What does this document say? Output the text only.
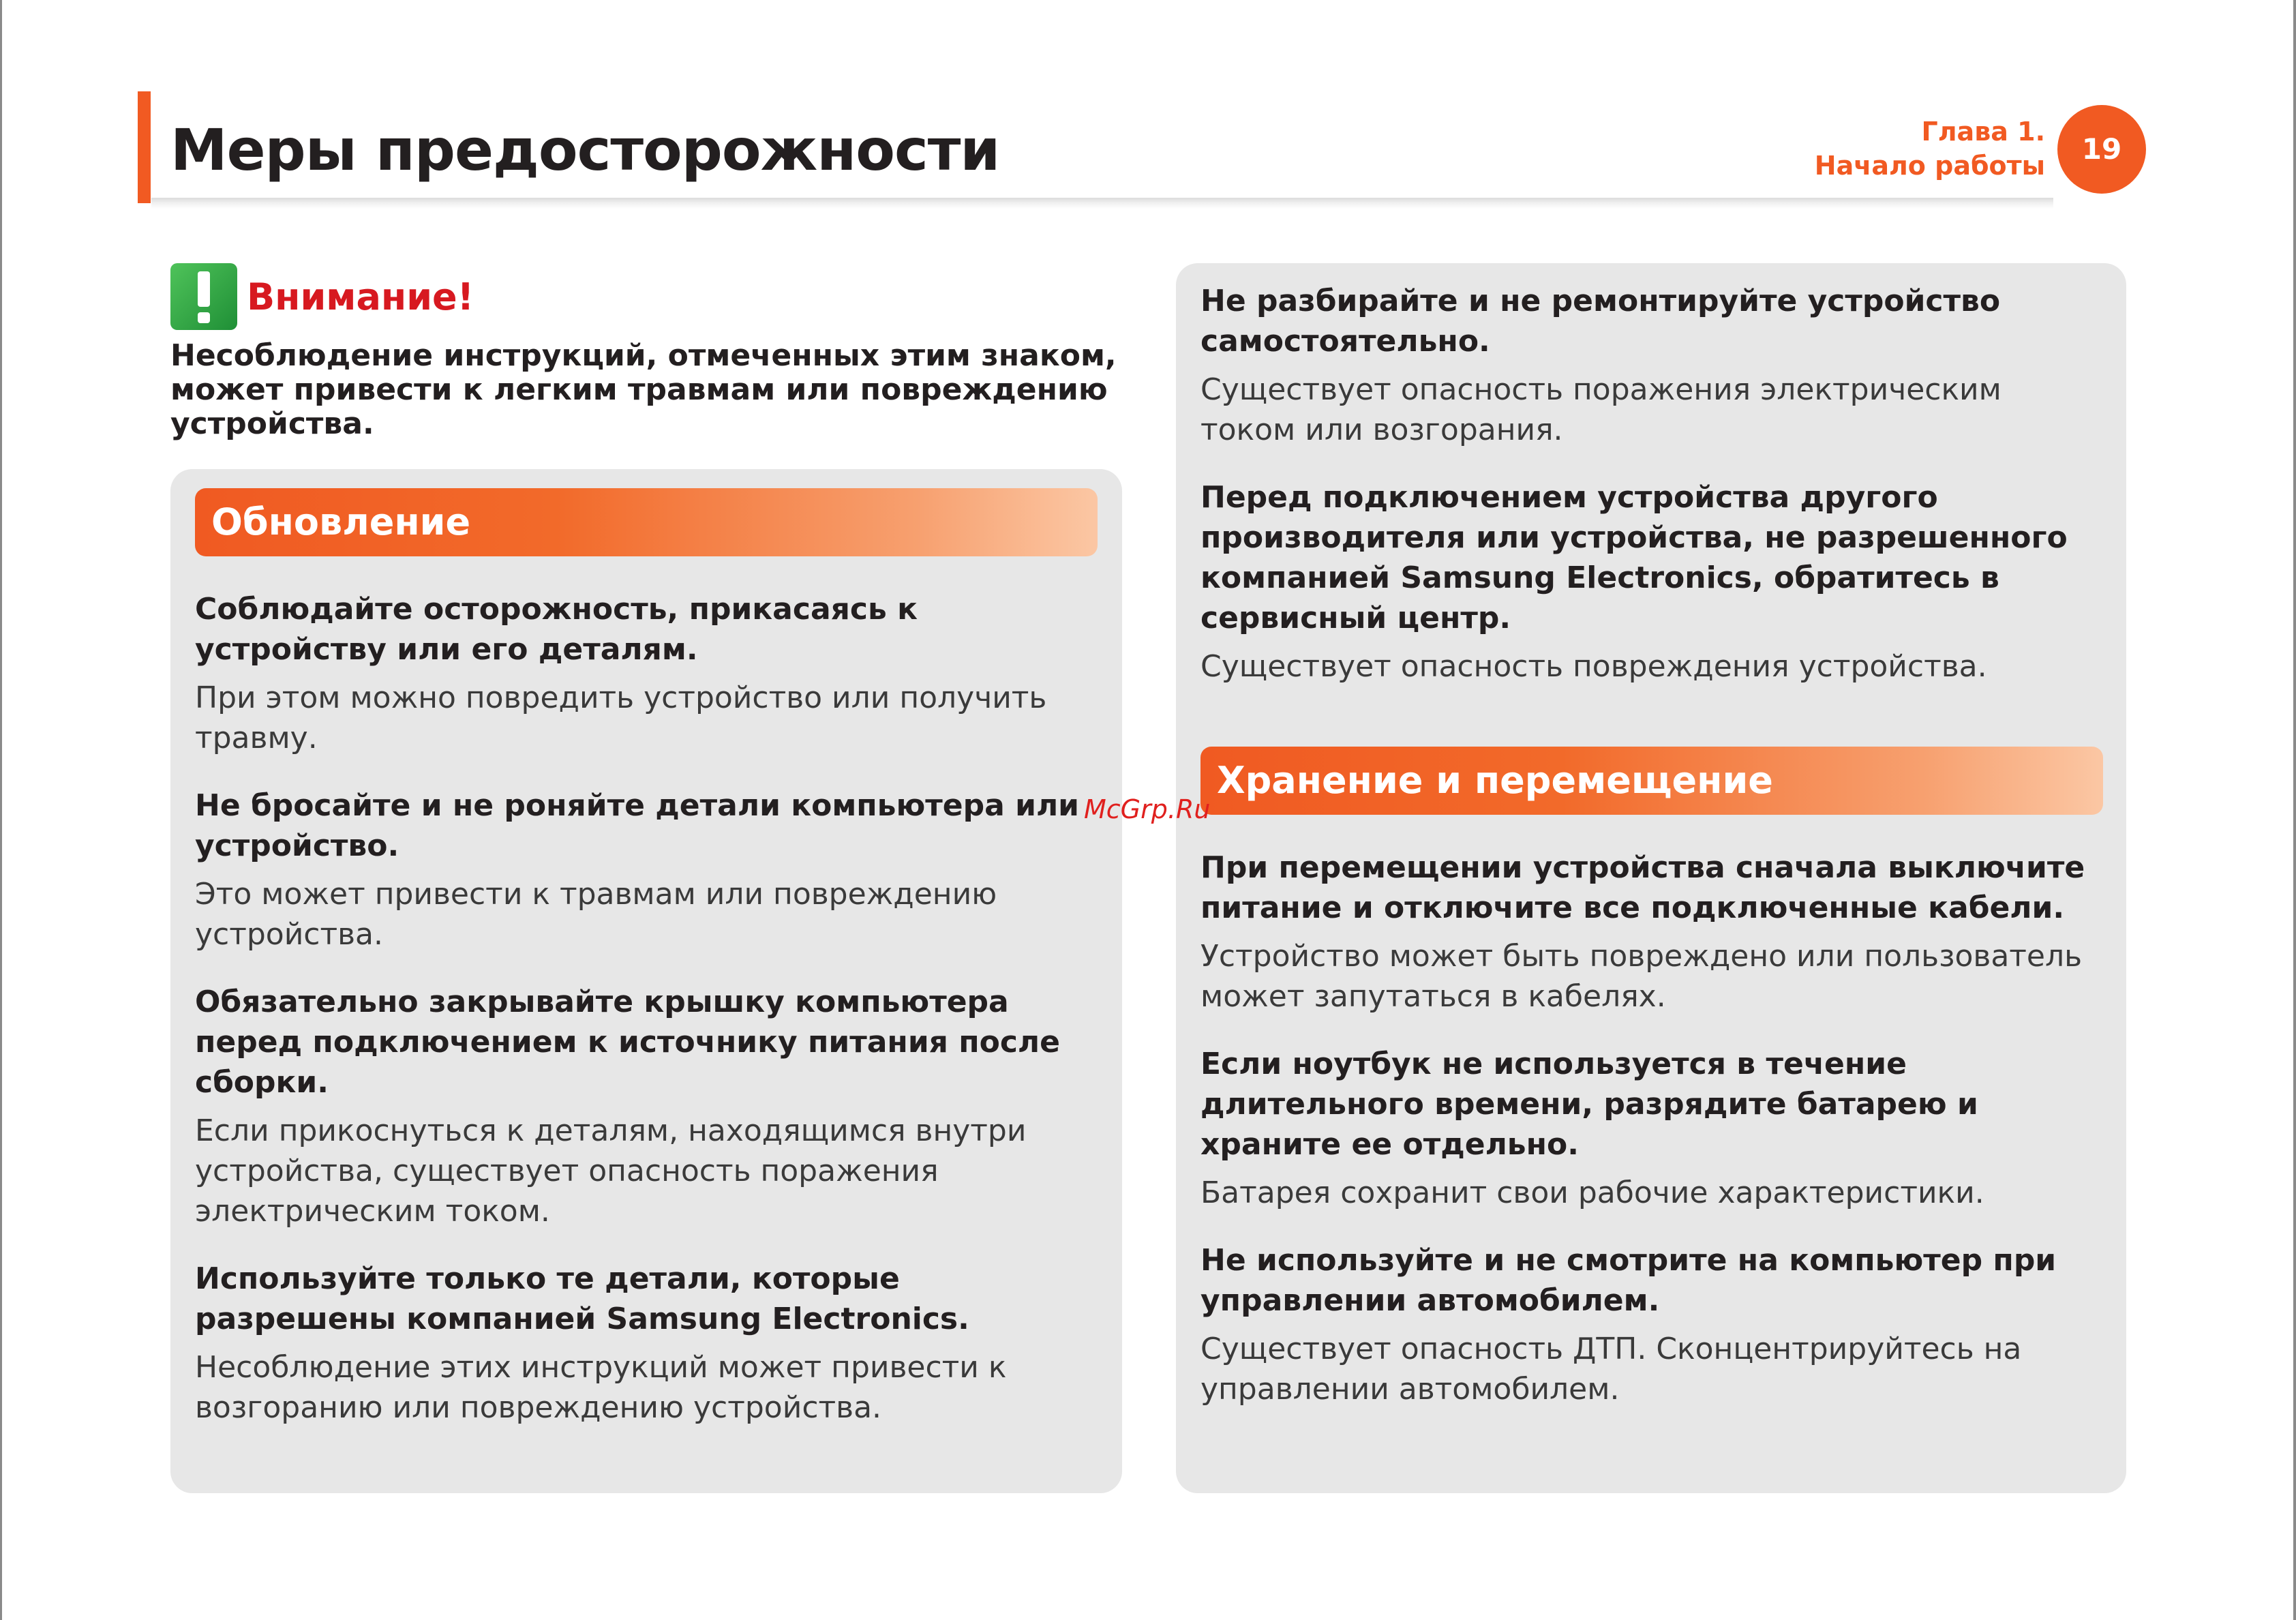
Меры предосторожности	Глава 1.
Начало работы	19
Внимание!
Несоблюдение инструкций, отмеченных этим знаком, может привести к легким травмам или повреждению устройства.
Обновление
Соблюдайте осторожность, прикасаясь к устройству или его деталям.
При этом можно повредить устройство или получить травму.
Не бросайте и не роняйте детали компьютера или устройство.
Это может привести к травмам или повреждению устройства.
Обязательно закрывайте крышку компьютера перед подключением к источнику питания после сборки.
Если прикоснуться к деталям, находящимся внутри устройства, существует опасность поражения электрическим током.
Используйте только те детали, которые разрешены компанией Samsung Electronics.
Несоблюдение этих инструкций может привести к возгоранию или повреждению устройства.
Не разбирайте и не ремонтируйте устройство самостоятельно.
Существует опасность поражения электрическим током или возгорания.
Перед подключением устройства другого производителя или устройства, не разрешенного компанией Samsung Electronics, обратитесь в сервисный центр.
Существует опасность повреждения устройства.
Хранение и перемещение
При перемещении устройства сначала выключите питание и отключите все подключенные кабели.
Устройство может быть повреждено или пользователь может запутаться в кабелях.
Если ноутбук не используется в течение длительного времени, разрядите батарею и храните ее отдельно.
Батарея сохранит свои рабочие характеристики.
Не используйте и не смотрите на компьютер при управлении автомобилем.
Существует опасность ДТП. Сконцентрируйтесь на управлении автомобилем.
McGrp.Ru
